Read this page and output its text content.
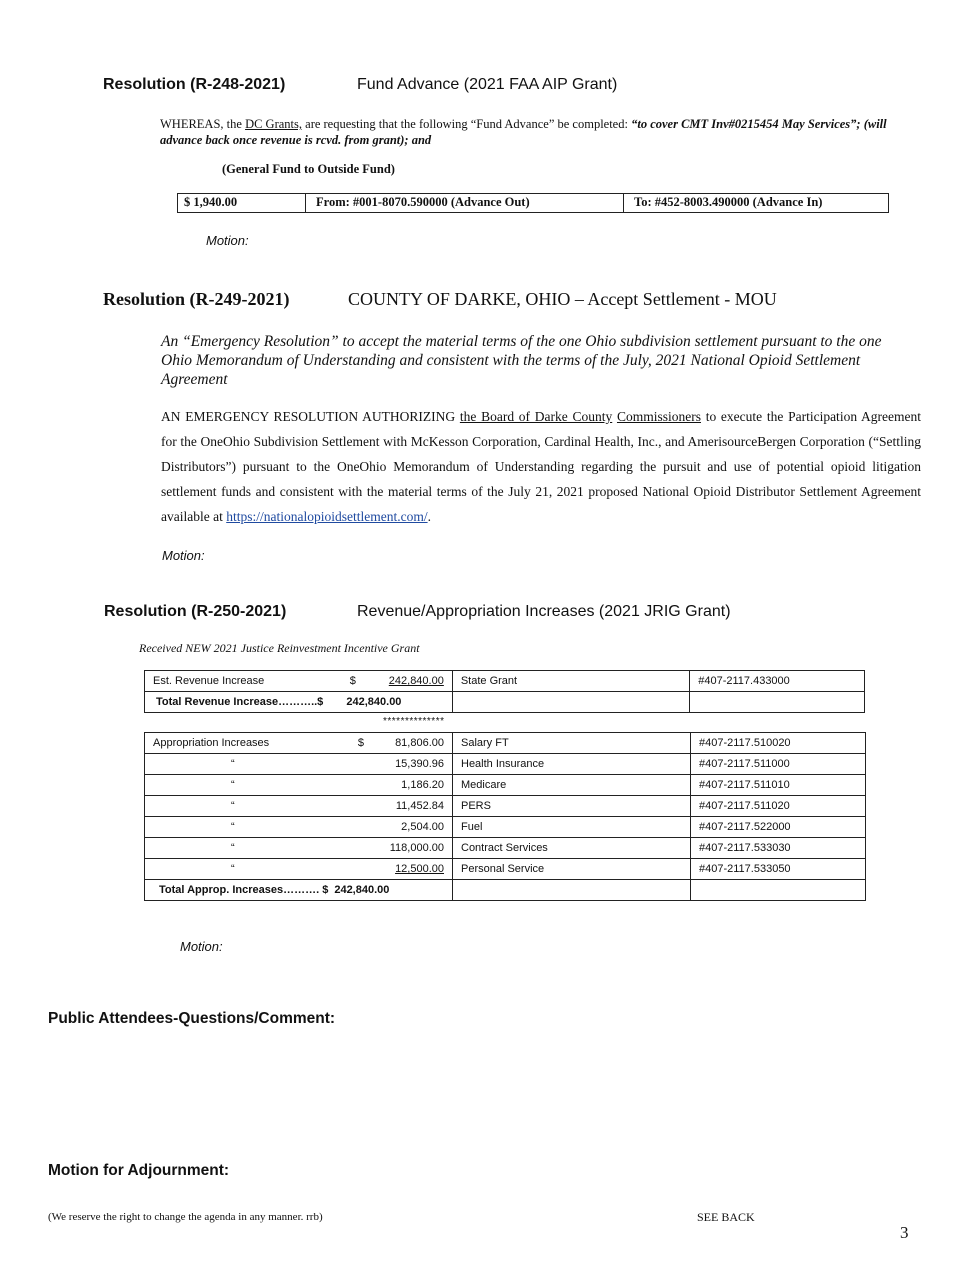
Resolution (R-248-2021)	Fund Advance (2021 FAA AIP Grant)
WHEREAS, the DC Grants, are requesting that the following “Fund Advance” be completed: “to cover CMT Inv#0215454 May Services”; (will advance back once revenue is rcvd. from grant); and
(General Fund to Outside Fund)
$ 1,940.00	From: #001-8070.590000 (Advance Out)	To: #452-8003.490000 (Advance In)
Motion:
Resolution (R-249-2021)	COUNTY OF DARKE, OHIO – Accept Settlement - MOU
An “Emergency Resolution” to accept the material terms of the one Ohio subdivision settlement pursuant to the one Ohio Memorandum of Understanding and consistent with the terms of the July, 2021 National Opioid Settlement Agreement
AN EMERGENCY RESOLUTION AUTHORIZING the Board of Darke County Commissioners to execute the Participation Agreement for the OneOhio Subdivision Settlement with McKesson Corporation, Cardinal Health, Inc., and AmerisourceBergen Corporation (“Settling Distributors”) pursuant to the OneOhio Memorandum of Understanding regarding the pursuit and use of potential opioid litigation settlement funds and consistent with the material terms of the July 21, 2021 proposed National Opioid Distributor Settlement Agreement available at https://nationalopioidsettlement.com/.
Motion:
Resolution (R-250-2021)	Revenue/Appropriation Increases (2021 JRIG Grant)
Received NEW 2021 Justice Reinvestment Incentive Grant
Est. Revenue Increase $ 242,840.00	State Grant	#407-2117.433000
Total Revenue Increase………..$ 242,840.00		
**************
Appropriation Increases $ 81,806.00	Salary FT	#407-2117.510020

“ 15,390.96	Health Insurance	#407-2117.511000

“ 1,186.20	Medicare	#407-2117.511010

“ 11,452.84	PERS	#407-2117.511020

“ 2,504.00	Fuel	#407-2117.522000

“ 118,000.00	Contract Services	#407-2117.533030

“ 12,500.00	Personal Service	#407-2117.533050
Total Approp. Increases………. $ 242,840.00		
Motion:
Public Attendees-Questions/Comment:
Motion for Adjournment:
(We reserve the right to change the agenda in any manner. rrb)	SEE BACK
3
